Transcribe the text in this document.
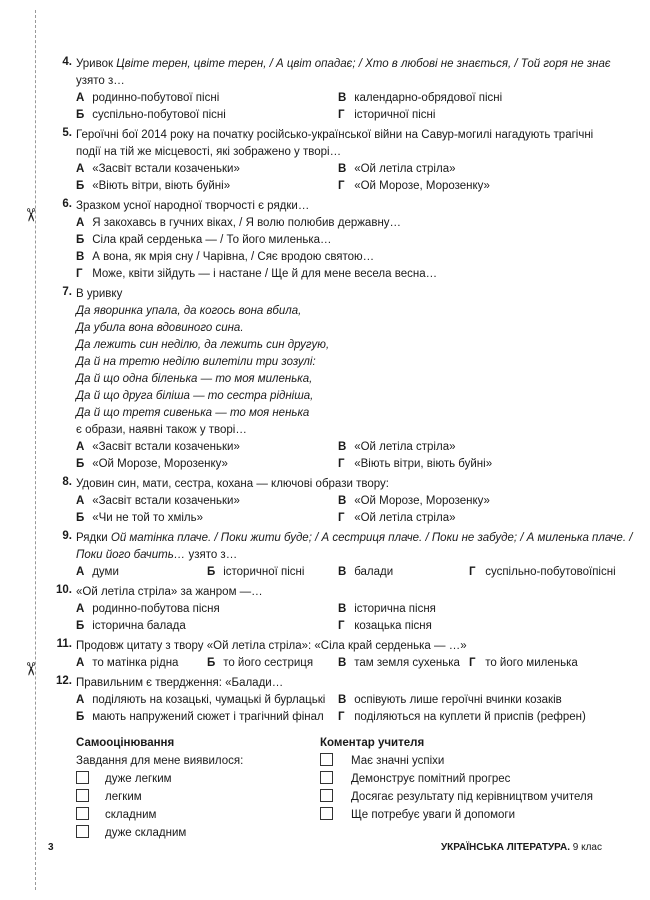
✂
✂
4. Уривок Цвіте терен, цвіте терен, / А цвіт опадає; / Хто в любові не знається, / Той горя не знає
узято з…
А родинно-побутової пісні	В календарно-обрядової пісні
Б суспільно-побутової пісні	Г історичної пісні
5. Героїчні бої 2014 року на початку російсько-української війни на Савур-могилі нагадують трагічні
події на тій же місцевості, які зображено у творі…
А «Засвіт встали козаченьки»	В «Ой летіла стріла»
Б «Віють вітри, віють буйні»	Г «Ой Морозе, Морозенку»
6. Зразком усної народної творчості є рядки…
А Я закохавсь в гучних віках, / Я волю полюбив державну…
Б Сіла край серденька — / То його миленька…
В А вона, як мрія сну / Чарівна, / Сяє вродою святою…
Г Може, квіти зійдуть — і настане / Ще й для мене весела весна…
7. В уривку
Да яворинка упала, да когось вона вбила,
Да убила вона вдовиного сина.
Да лежить син неділю, да лежить син другую,
Да й на третю неділю вилетіли три зозулі:
Да й що одна біленька — то моя миленька,
Да й що друга біліша — то сестра рідніша,
Да й що третя сивенька — то моя ненька
є образи, наявні також у творі…
А «Засвіт встали козаченьки»	В «Ой летіла стріла»
Б «Ой Морозе, Морозенку»	Г «Віють вітри, віють буйні»
8. Удовин син, мати, сестра, кохана — ключові образи твору:
А «Засвіт встали козаченьки»	В «Ой Морозе, Морозенку»
Б «Чи не той то хміль»	Г «Ой летіла стріла»
9. Рядки Ой матінка плаче. / Поки жити буде; / А сестриця плаче. / Поки не забуде; / А миленька плаче. /
Поки його бачить… узято з…
А думи	Б історичної пісні	В балади	Г суспільно-побутовоїпісні
10. «Ой летіла стріла» за жанром —…
А родинно-побутова пісня	В історична пісня
Б історична балада	Г козацька пісня
11. Продовж цитату з твору «Ой летіла стріла»: «Сіла край серденька — …»
А то матінка рідна	Б то його сестриця	В там земля сухенька Г то його миленька
12. Правильним є твердження: «Балади…
А поділяють на козацькі, чумацькі й бурлацькі	В оспівують лише героїчні вчинки козаків
Б мають напружений сюжет і трагічний фінал	Г поділяються на куплети й приспів (рефрен)
Самооцінювання
Завдання для мене виявилося:
дуже легким
легким
складним
дуже складним
Коментар учителя
Має значні успіхи
Демонструє помітний прогрес
Досягає результату під керівництвом учителя
Ще потребує уваги й допомоги
3	УКРАЇНСЬКА ЛІТЕРАТУРА. 9 клас
